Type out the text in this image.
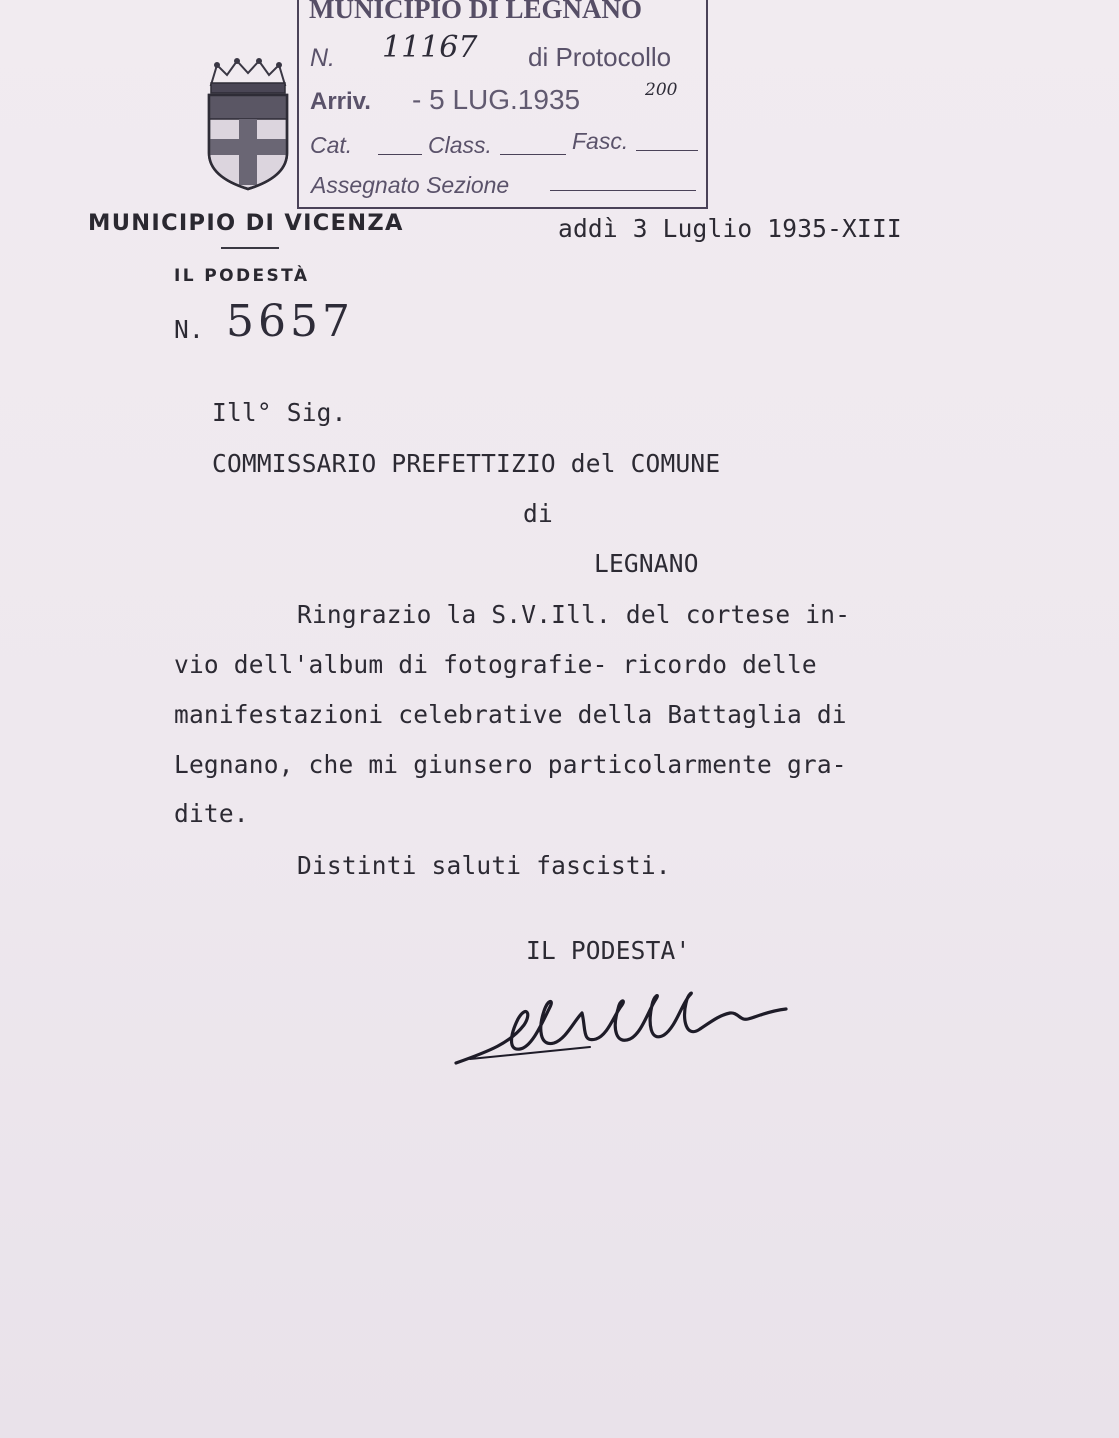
MUNICIPIO DI LEGNANO
N. 11167 di Protocollo
Arriv. - 5 LUG.1935	200
Cat.	Class.	Fasc.
Assegnato Sezione
MUNICIPIO DI VICENZA
IL PODESTÀ
N. 5657
addì 3 Luglio 1935-XIII
Ill° Sig.
COMMISSARIO PREFETTIZIO del COMUNE
di
LEGNANO
Ringrazio la S.V.Ill. del cortese in-
vio dell'album di fotografie- ricordo delle
manifestazioni celebrative della Battaglia di
Legnano, che mi giunsero particolarmente gra-
dite.
Distinti saluti fascisti.
IL PODESTA'
